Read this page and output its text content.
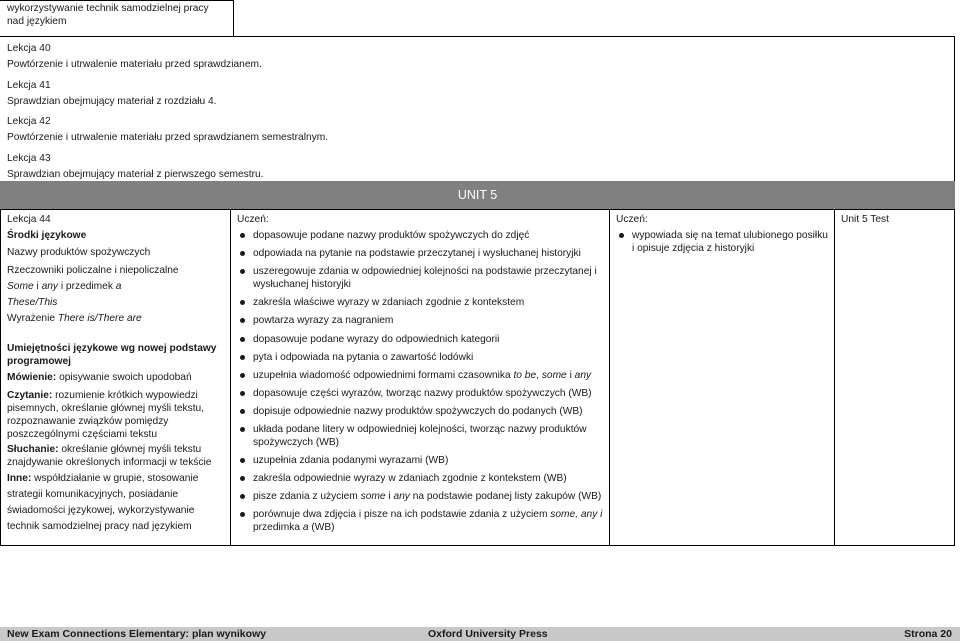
wykorzystywanie technik samodzielnej pracy

nad językiem

Lekcja 40

Powtórzenie i utrwalenie materiału przed sprawdzianem.

Lekcja 41

Sprawdzian obejmujący materiał z rozdziału 4.

Lekcja 42

Powtórzenie i utrwalenie materiału przed sprawdzianem semestralnym.

Lekcja 43

Sprawdzian obejmujący materiał z pierwszego semestru.

UNIT 5

Lekcja 44

Środki językowe

Nazwy produktów spożywczych

Rzeczowniki policzalne i niepoliczalne

Some i any i przedimek a

These/This

Wyrażenie There is/There are

Umiejętności językowe wg nowej podstawy

programowej

Mówienie: opisywanie swoich upodobań

Czytanie: rozumienie krótkich wypowiedzi

pisemnych, określanie głównej myśli tekstu,

rozpoznawanie związków pomiędzy

poszczególnymi częściami tekstu

Słuchanie: określanie głównej myśli tekstu

znajdywanie określonych informacji w tekście

Inne: współdziałanie w grupie, stosowanie

strategii komunikacyjnych, posiadanie

świadomości językowej, wykorzystywanie

technik samodzielnej pracy nad językiem

Uczeń:

dopasowuje podane nazwy produktów spożywczych do zdjęć
odpowiada na pytanie na podstawie przeczytanej i wysłuchanej historyjki
uszeregowuje zdania w odpowiedniej kolejności na podstawie przeczytanej i wysłuchanej historyjki
zakreśla właściwe wyrazy w zdaniach zgodnie z kontekstem
powtarza wyrazy za nagraniem
dopasowuje podane wyrazy do odpowiednich kategorii
pyta i odpowiada na pytania o zawartość lodówki
uzupełnia wiadomość odpowiednimi formami czasownika to be, some i any
dopasowuje części wyrazów, tworząc nazwy produktów spożywczych (WB)
dopisuje odpowiednie nazwy produktów spożywczych do podanych (WB)
układa podane litery w odpowiedniej kolejności, tworząc nazwy produktów spożywczych (WB)
uzupełnia zdania podanymi wyrazami (WB)
zakreśla odpowiednie wyrazy w zdaniach zgodnie z kontekstem (WB)
pisze zdania z użyciem some i any na podstawie podanej listy zakupów (WB)
porównuje dwa zdjęcia i pisze na ich podstawie zdania z użyciem some, any i
przedimka a (WB)

Uczeń:

wypowiada się na temat ulubionego posiłku i opisuje zdjęcia z historyjki

Unit 5 Test

New Exam Connections Elementary: plan wynikowy	Oxford University Press	Strona 20
